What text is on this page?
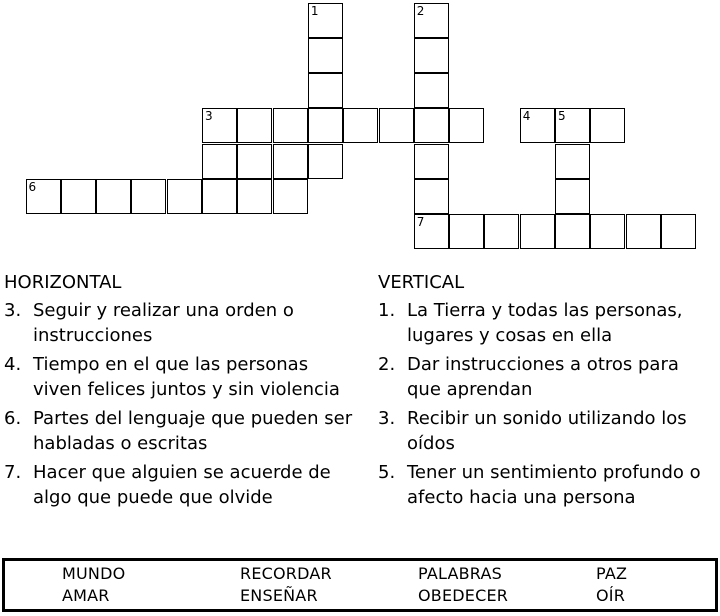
1	2
7
3
6
4 5
HORIZONTAL
3. Seguir y realizar una orden o instrucciones
4. Tiempo en el que las personas viven felices juntos y sin violencia
6. Partes del lenguaje que pueden ser habladas o escritas
7. Hacer que alguien se acuerde de algo que puede que olvide
VERTICAL
1. La Tierra y todas las personas, lugares y cosas en ella
2. Dar instrucciones a otros para que aprendan
3. Recibir un sonido utilizando los oídos
5. Tener un sentimiento profundo o afecto hacia una persona
MUNDO	RECORDAR	PALABRAS	PAZ
AMAR	ENSEÑAR	OBEDECER	OÍR
